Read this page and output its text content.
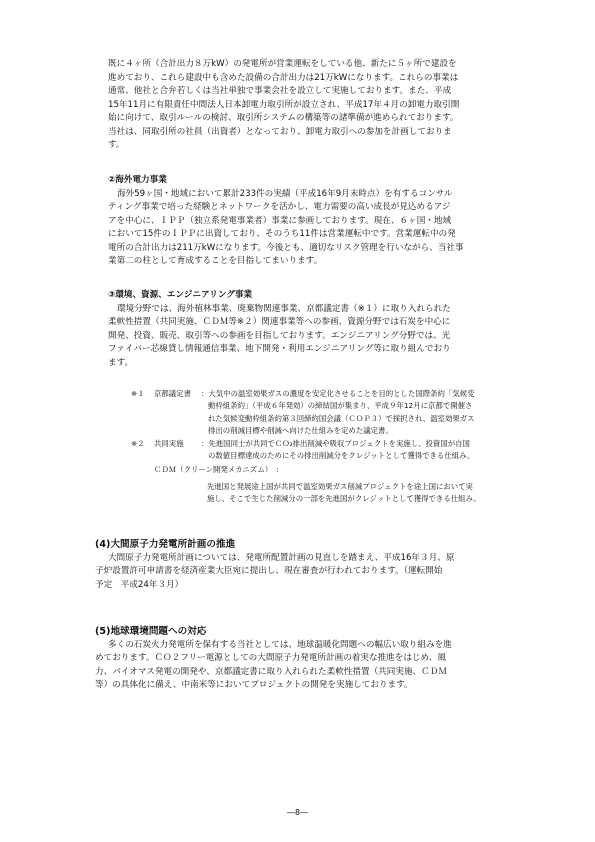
既に４ヶ所（合計出力８万kW）の発電所が営業運転をしている他、新たに５ヶ所で建設を

進めており、これら建設中も含めた設備の合計出力は21万kWになります。これらの事業は

通常、他社と合弁若しくは当社単独で事業会社を設立して実施しております。また、平成

15年11月に有限責任中間法人日本卸電力取引所が設立され、平成17年４月の卸電力取引開

始に向けて、取引ルールの検討、取引所システムの構築等の諸準備が進められております。

当社は、同取引所の社員（出資者）となっており、卸電力取引への参加を計画しておりま

す。

②海外電力事業

海外59ヶ国・地域において累計233件の実績（平成16年9月末時点）を有するコンサル

ティング事業で培った経験とネットワークを活かし、電力需要の高い成長が見込めるアジ

アを中心に、ＩＰＰ（独立系発電事業者）事業に参画しております。現在、６ヶ国・地域

において15件のＩＰＰに出資しており、そのうち11件は営業運転中です。営業運転中の発

電所の合計出力は211万kWになります。今後とも、適切なリスク管理を行いながら、当社事

業第二の柱として育成することを目指してまいります。

③環境、資源、エンジニアリング事業

環境分野では、海外植林事業、廃棄物関連事業、京都議定書（※１）に取り入れられた

柔軟性措置（共同実施、ＣＤＭ等※２）関連事業等への参画、資源分野では石炭を中心に

開発、投資、販売、取引等への参画を目指しております。エンジニアリング分野では、光

ファイバー芯線貸し情報通信事業、地下開発・利用エンジニアリング等に取り組んでおり

ます。

※１	京都議定書	：大気中の温室効果ガスの濃度を安定化させることを目的とした国際条約「気候変
動枠組条約」（平成６年発効）の締結国が集まり、平成９年12月に京都で開催さ
れた気候変動枠組条約第３回締約国会議（ＣＯＰ３）で採択され、温室効果ガス
排出の削減目標や削減へ向けた仕組みを定めた議定書。
※２	共同実施	：先進国同士が共同でＣＯ₂排出削減や吸収プロジェクトを実施し、投資国が自国
の数値目標達成のためにその排出削減分をクレジットとして獲得できる仕組み。
ＣＤＭ（クリーン開発メカニズム）　：
先進国と発展途上国が共同で温室効果ガス削減プロジェクトを途上国において実
施し、そこで生じた削減分の一部を先進国がクレジットとして獲得できる仕組み。

(4)大間原子力発電所計画の推進

大間原子力発電所計画については、発電所配置計画の見直しを踏まえ、平成16年３月、原

子炉設置許可申請書を経済産業大臣宛に提出し、現在審査が行われております。（運転開始

予定　平成24年３月）

(5)地球環境問題への対応

多くの石炭火力発電所を保有する当社としては、地球温暖化問題への幅広い取り組みを進

めております。ＣＯ２フリー電源としての大間原子力発電所計画の着実な推進をはじめ、風

力、バイオマス発電の開発や、京都議定書に取り入れられた柔軟性措置（共同実施、ＣＤＭ

等）の具体化に備え、中南米等においてプロジェクトの開発を実施しております。

―8―
